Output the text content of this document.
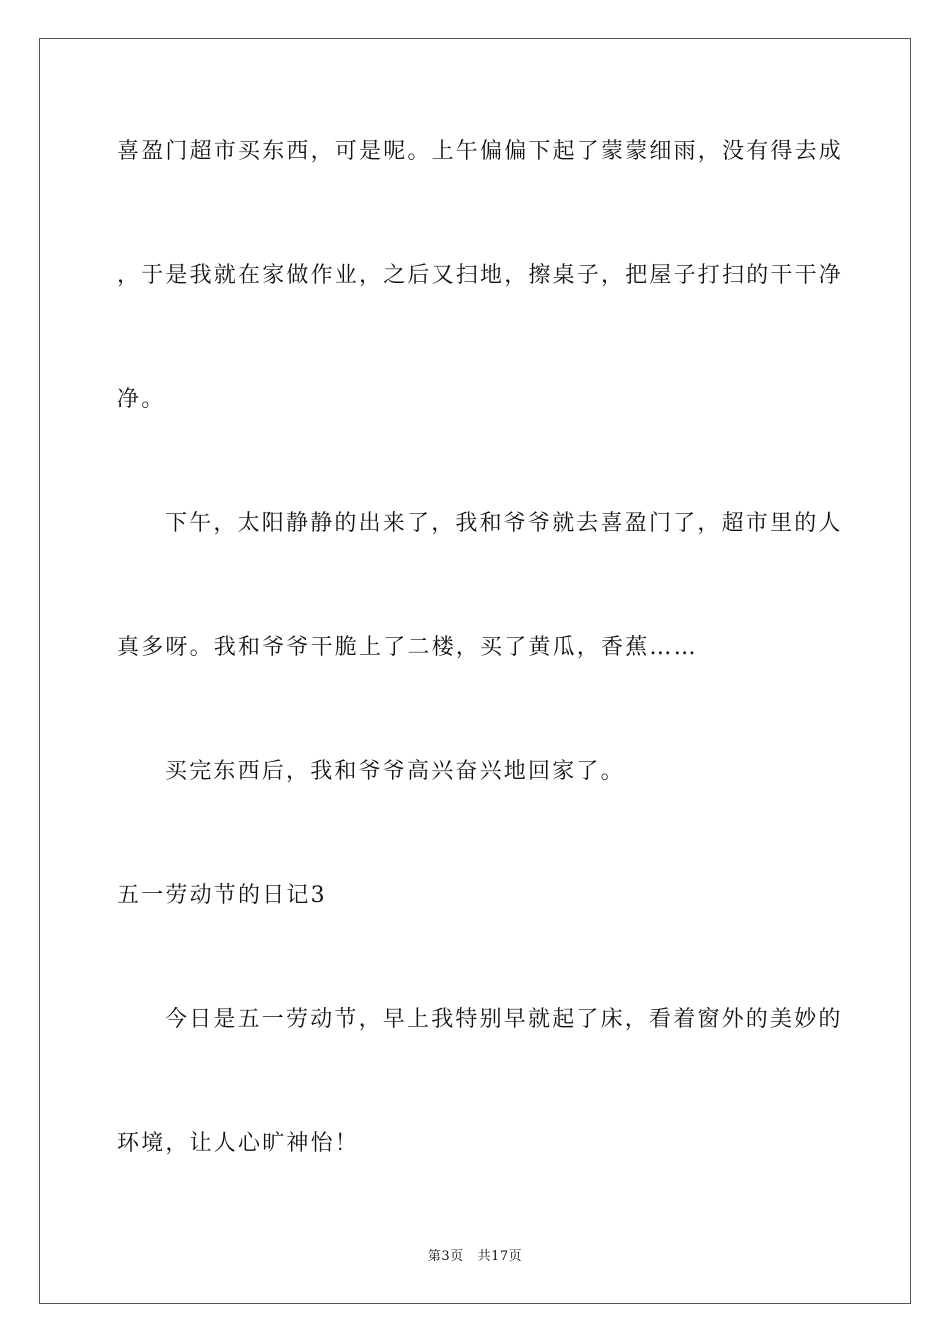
喜盈门超市买东西，可是呢。上午偏偏下起了蒙蒙细雨，没有得去成
，于是我就在家做作业，之后又扫地，擦桌子，把屋子打扫的干干净
净。
下午，太阳静静的出来了，我和爷爷就去喜盈门了，超市里的人
真多呀。我和爷爷干脆上了二楼，买了黄瓜，香蕉……
买完东西后，我和爷爷高兴奋兴地回家了。
五一劳动节的日记3
今日是五一劳动节，早上我特别早就起了床，看着窗外的美妙的
环境，让人心旷神怡！
第3页 共17页
